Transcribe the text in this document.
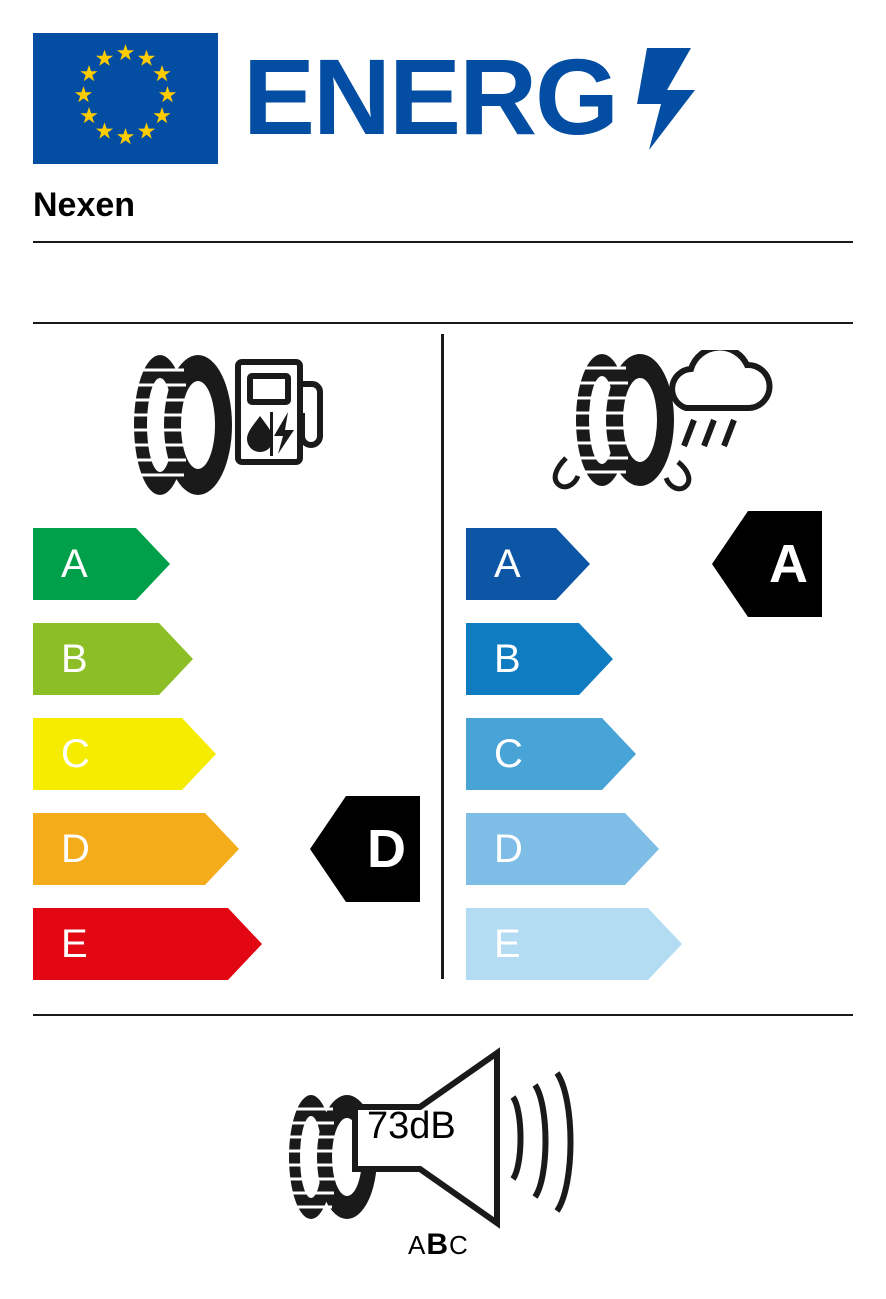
ENERG
Nexen
A
B
C
D
E
A
B
C
D
E
73dB
ABC
D
A
